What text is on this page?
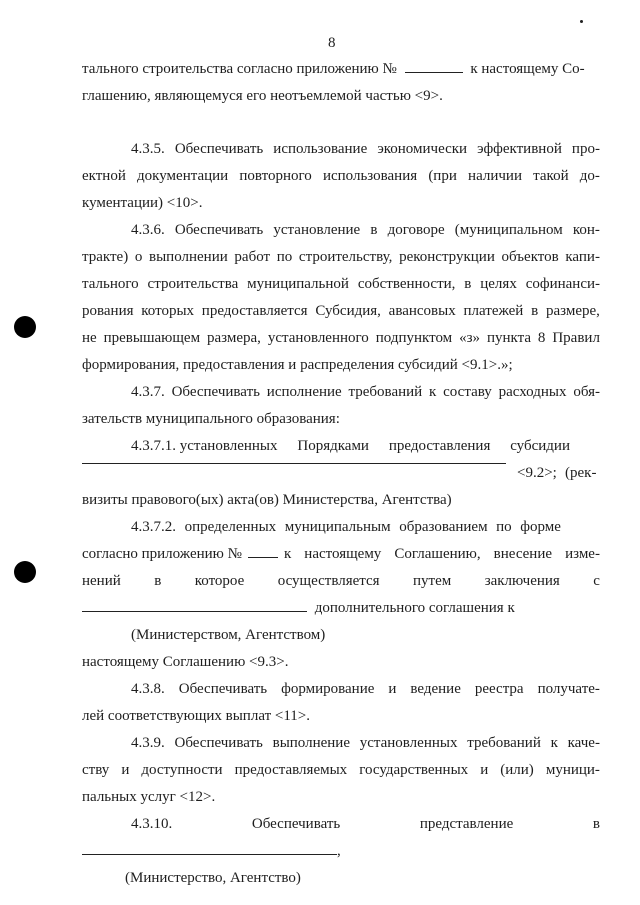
8
тального строительства согласно приложению №	к настоящему Со-
глашению, являющемуся его неотъемлемой частью <9>.
4.3.5. Обеспечивать использование экономически эффективной про-
ектной документации повторного использования (при наличии такой до-
кументации) <10>.
4.3.6. Обеспечивать установление в договоре (муниципальном кон-
тракте) о выполнении работ по строительству, реконструкции объектов капи-
тального строительства муниципальной собственности, в целях софинанси-
рования которых предоставляется Субсидия, авансовых платежей в размере,
не превышающем размера, установленного подпунктом «з» пункта 8 Правил
формирования, предоставления и распределения субсидий <9.1>.»;
4.3.7. Обеспечивать исполнение требований к составу расходных обя-
зательств муниципального образования:
4.3.7.1. установленных Порядками предоставления субсидии
<9.2>; (рек-
визиты правового(ых) акта(ов) Министерства, Агентства)
4.3.7.2. определенных муниципальным образованием по форме
согласно приложению №	к настоящему Соглашению, внесение изме-
нений в которое осуществляется путем заключения с
дополнительного соглашения к
(Министерством, Агентством)
настоящему Соглашению <9.3>.
4.3.8. Обеспечивать формирование и ведение реестра получате-
лей соответствующих выплат <11>.
4.3.9. Обеспечивать выполнение установленных требований к каче-
ству и доступности предоставляемых государственных и (или) муници-
пальных услуг <12>.
4.3.10.	Обеспечивать	представление	в
,
(Министерство, Агентство)
